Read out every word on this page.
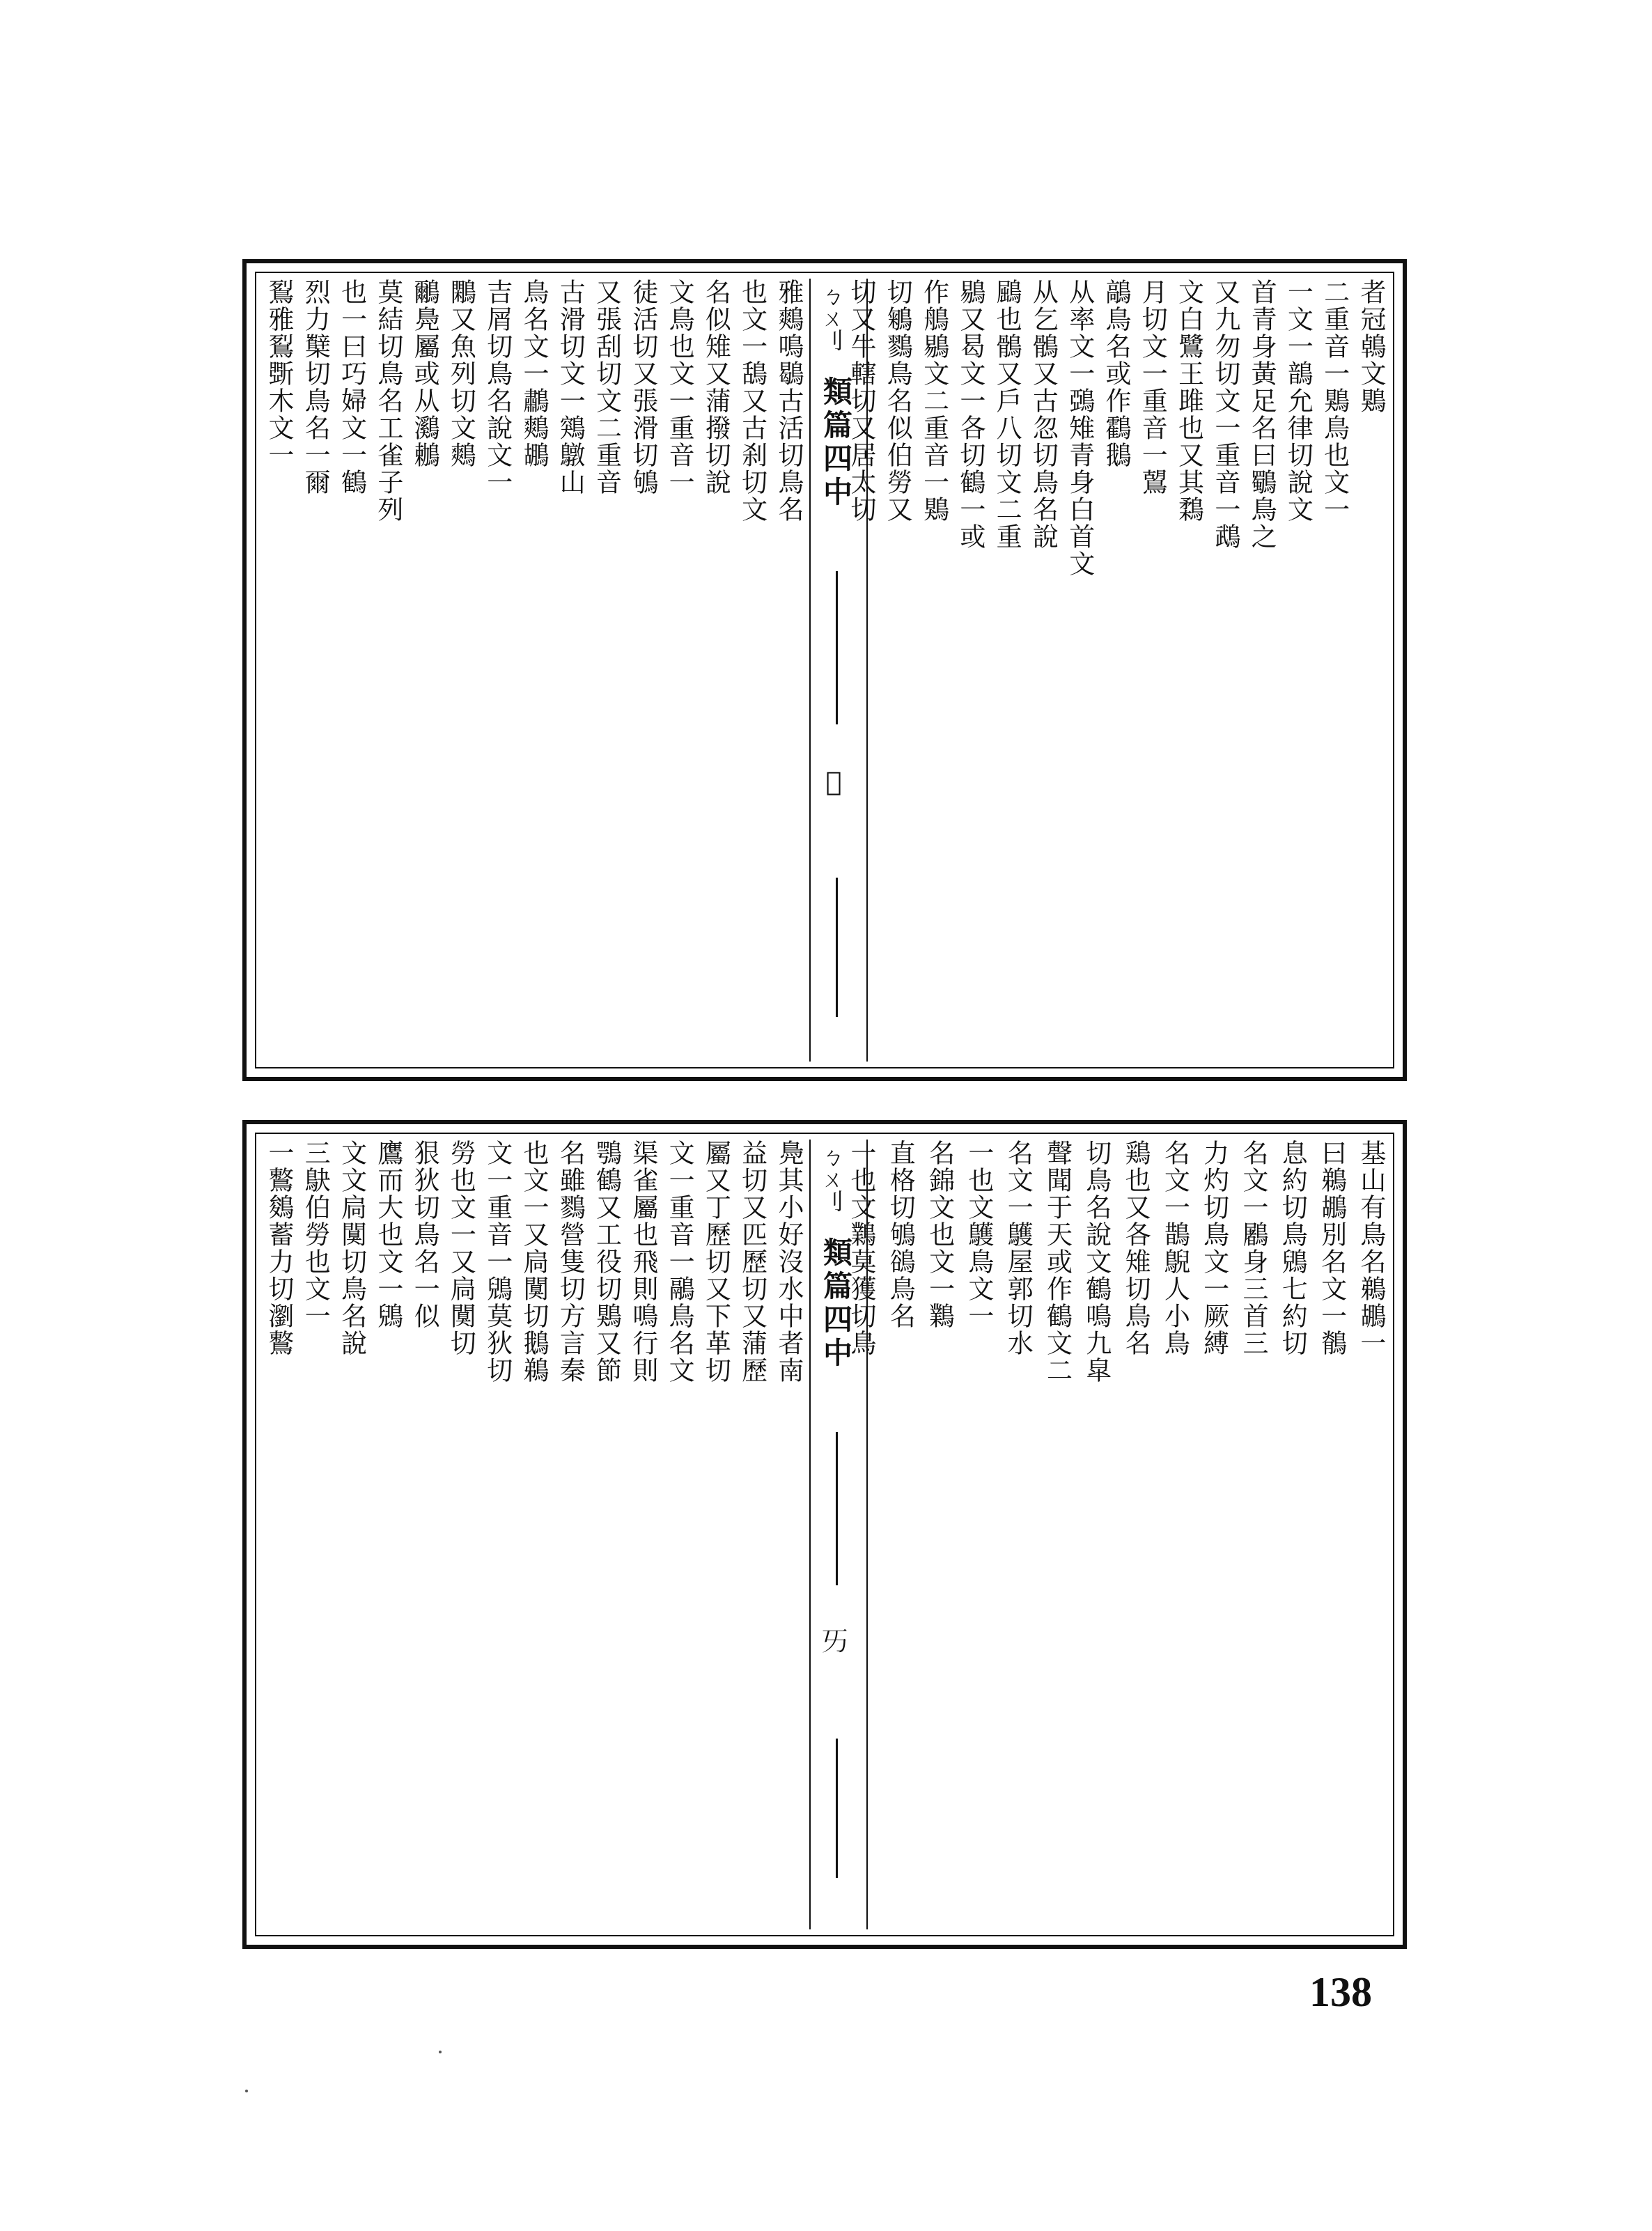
者冠鵫文鶪
二重音一鶪鳥也文一
一文一鶕允律切說文
首青身黃足名曰鸀鳥之
又九勿切文一重音一鵡
文白鷺王雎也又其鶔
月切文一重音一鶦
鶮鳥名或作鸖鵝
从率文一鵶雉青身白首文
从乞鶻又古忽切鳥名說
鶌也鶻又戶八切文二重
鶍又曷文一各切鶴一或
作鵃鶍文二重音一鶪
切鵴鷚鳥名似伯勞又
切又牛轄切又居太切
ㄅㄨ刂
類篇四中
𠀄
雅鷞鳴鶡古活切鳥名
也文一鴰又古刹切文
名似雉又蒲撥切說
文鳥也文一重音一
徒活切又張滑切鴝
又張刮切文二重音
古滑切文一鶟鷻山
鳥名文一鷫鷞鶘
吉屑切鳥名說文一
鷴又魚列切文鷞
鸍鳧屬或从鸂鶒
莫結切鳥名工雀子列
也一曰巧婦文一鶴
烈力櫱切鳥名一爾
鴷雅鴷斲木文一
基山有鳥名鵜鶘一
曰鵜鶘別名文一鶺
息約切鳥鶂七約切
名文一鷵身三首三
力灼切鳥文一厥縛
名文一鵲鶃人小鳥
鶏也又各雉切鳥名
切鳥名說文鶴鳴九皐
聲聞于天或作鶴文二
名文一鸌屋郭切水
一也文鸌鳥文一
名錦文也文一鸈
直格切鴝鵒鳥名
一也文鸈莫獲切鳥
ㄅㄨ刂
類篇四中
𠀅
鳧其小好沒水中者南
益切又匹歷切又蒲歷
屬又丁歷切又下革切
文一重音一鷊鳥名文
渠雀屬也飛則鳴行則
鶚鶴又工役切鶪又節
名雖鷚營隻切方言秦
也文一又扃闃切鵝鵜
文一重音一鶂莫狄切
勞也文一又扃闃切
狠狄切鳥名一似
鷹而大也文一鶂
文文扃闃切鳥名說
三鴃伯勞也文一
一鷘鵕蓄力切瀏鷘
138
